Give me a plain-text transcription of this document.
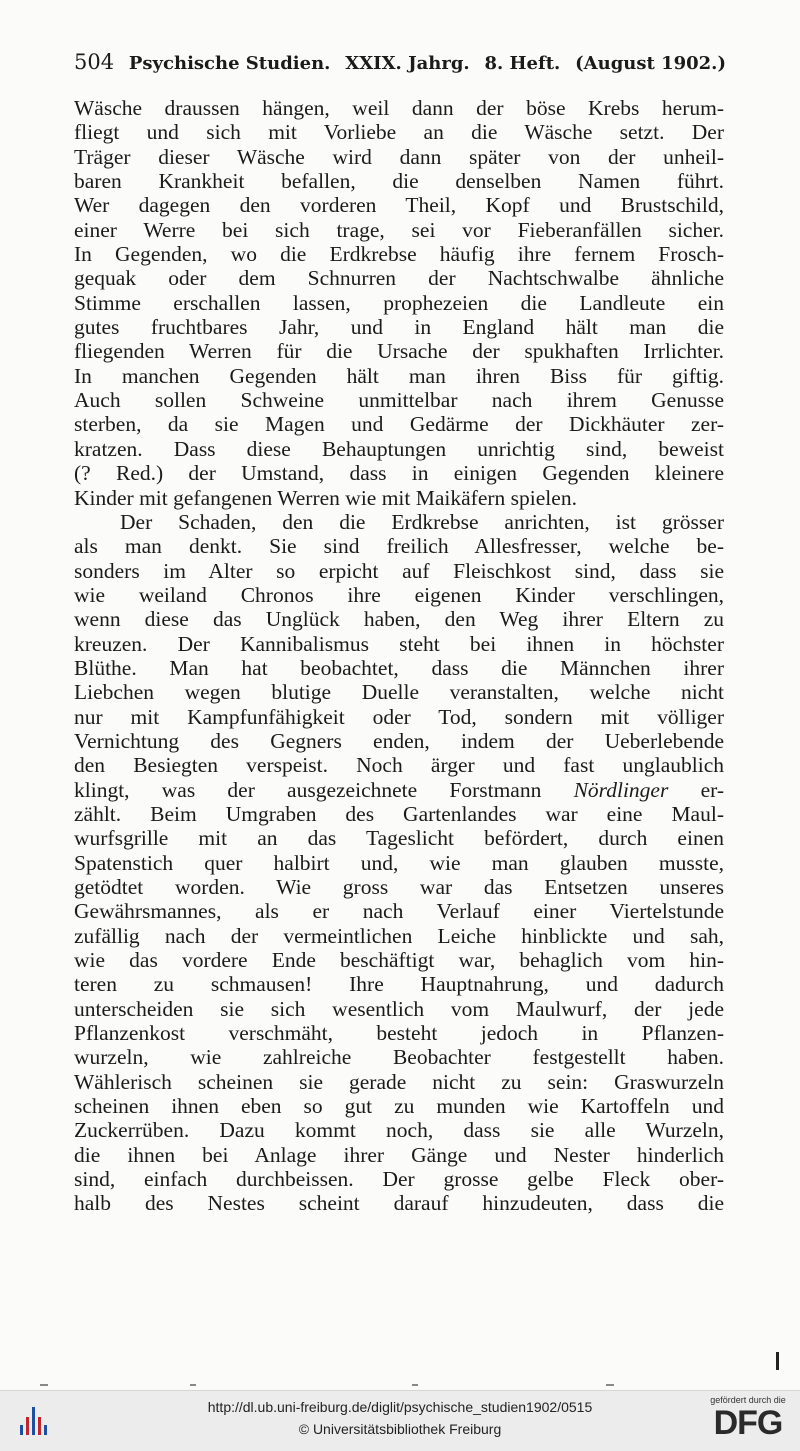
504 Psychische Studien. XXIX. Jahrg. 8. Heft. (August 1902.)
Wäsche draussen hängen, weil dann der böse Krebs herum-
fliegt und sich mit Vorliebe an die Wäsche setzt. Der
Träger dieser Wäsche wird dann später von der unheil-
baren Krankheit befallen, die denselben Namen führt.
Wer dagegen den vorderen Theil, Kopf und Brustschild,
einer Werre bei sich trage, sei vor Fieberanfällen sicher.
In Gegenden, wo die Erdkrebse häufig ihre fernem Frosch-
gequak oder dem Schnurren der Nachtschwalbe ähnliche
Stimme erschallen lassen, prophezeien die Landleute ein
gutes fruchtbares Jahr, und in England hält man die
fliegenden Werren für die Ursache der spukhaften Irrlichter.
In manchen Gegenden hält man ihren Biss für giftig.
Auch sollen Schweine unmittelbar nach ihrem Genusse
sterben, da sie Magen und Gedärme der Dickhäuter zer-
kratzen. Dass diese Behauptungen unrichtig sind, beweist
(? Red.) der Umstand, dass in einigen Gegenden kleinere
Kinder mit gefangenen Werren wie mit Maikäfern spielen.
Der Schaden, den die Erdkrebse anrichten, ist grösser
als man denkt. Sie sind freilich Allesfresser, welche be-
sonders im Alter so erpicht auf Fleischkost sind, dass sie
wie weiland Chronos ihre eigenen Kinder verschlingen,
wenn diese das Unglück haben, den Weg ihrer Eltern zu
kreuzen. Der Kannibalismus steht bei ihnen in höchster
Blüthe. Man hat beobachtet, dass die Männchen ihrer
Liebchen wegen blutige Duelle veranstalten, welche nicht
nur mit Kampfunfähigkeit oder Tod, sondern mit völliger
Vernichtung des Gegners enden, indem der Ueberlebende
den Besiegten verspeist. Noch ärger und fast unglaublich
klingt, was der ausgezeichnete Forstmann Nördlinger er-
zählt. Beim Umgraben des Gartenlandes war eine Maul-
wurfsgrille mit an das Tageslicht befördert, durch einen
Spatenstich quer halbirt und, wie man glauben musste,
getödtet worden. Wie gross war das Entsetzen unseres
Gewährsmannes, als er nach Verlauf einer Viertelstunde
zufällig nach der vermeintlichen Leiche hinblickte und sah,
wie das vordere Ende beschäftigt war, behaglich vom hin-
teren zu schmausen! Ihre Hauptnahrung, und dadurch
unterscheiden sie sich wesentlich vom Maulwurf, der jede
Pflanzenkost verschmäht, besteht jedoch in Pflanzen-
wurzeln, wie zahlreiche Beobachter festgestellt haben.
Wählerisch scheinen sie gerade nicht zu sein: Graswurzeln
scheinen ihnen eben so gut zu munden wie Kartoffeln und
Zuckerrüben. Dazu kommt noch, dass sie alle Wurzeln,
die ihnen bei Anlage ihrer Gänge und Nester hinderlich
sind, einfach durchbeissen. Der grosse gelbe Fleck ober-
halb des Nestes scheint darauf hinzudeuten, dass die
http://dl.ub.uni-freiburg.de/diglit/psychische_studien1902/0515
© Universitätsbibliothek Freiburg
gefördert durch die
DFG
